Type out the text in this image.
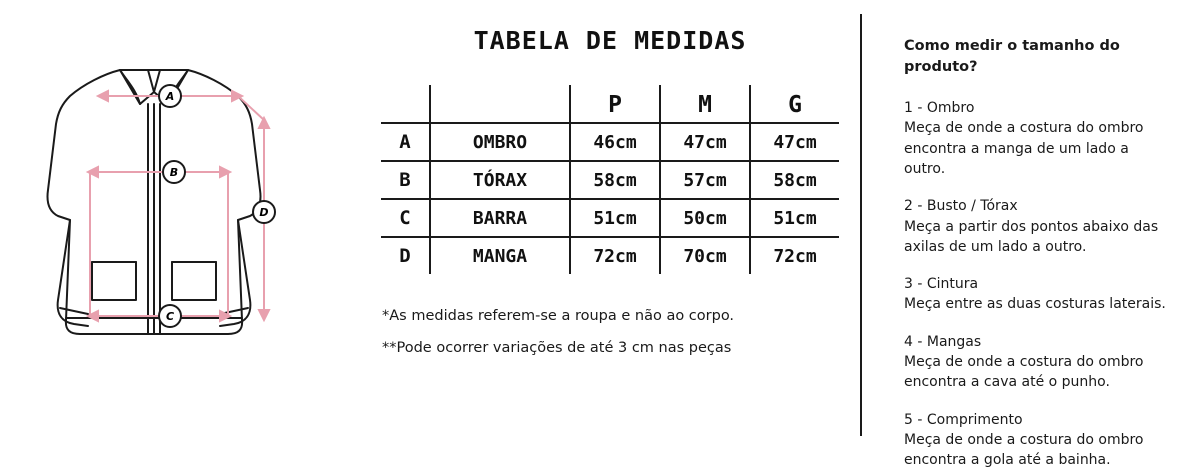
A
B
C
D
TABELA DE MEDIDAS
		P	M	G
A	OMBRO	46cm	47cm	47cm
B	TÓRAX	58cm	57cm	58cm
C	BARRA	51cm	50cm	51cm
D	MANGA	72cm	70cm	72cm

*As medidas referem-se a roupa e não ao corpo.

**Pode ocorrer variações de até 3 cm nas peças

Como medir o tamanho do produto?

1 - Ombro

Meça de onde a costura do ombro encontra a manga de um lado a outro.

2 - Busto / Tórax

Meça a partir dos pontos abaixo das axilas de um lado a outro.

3 - Cintura

Meça entre as duas costuras laterais.

4 - Mangas

Meça de onde a costura do ombro encontra a cava até o punho.

5 - Comprimento

Meça de onde a costura do ombro encontra a gola até a bainha.
